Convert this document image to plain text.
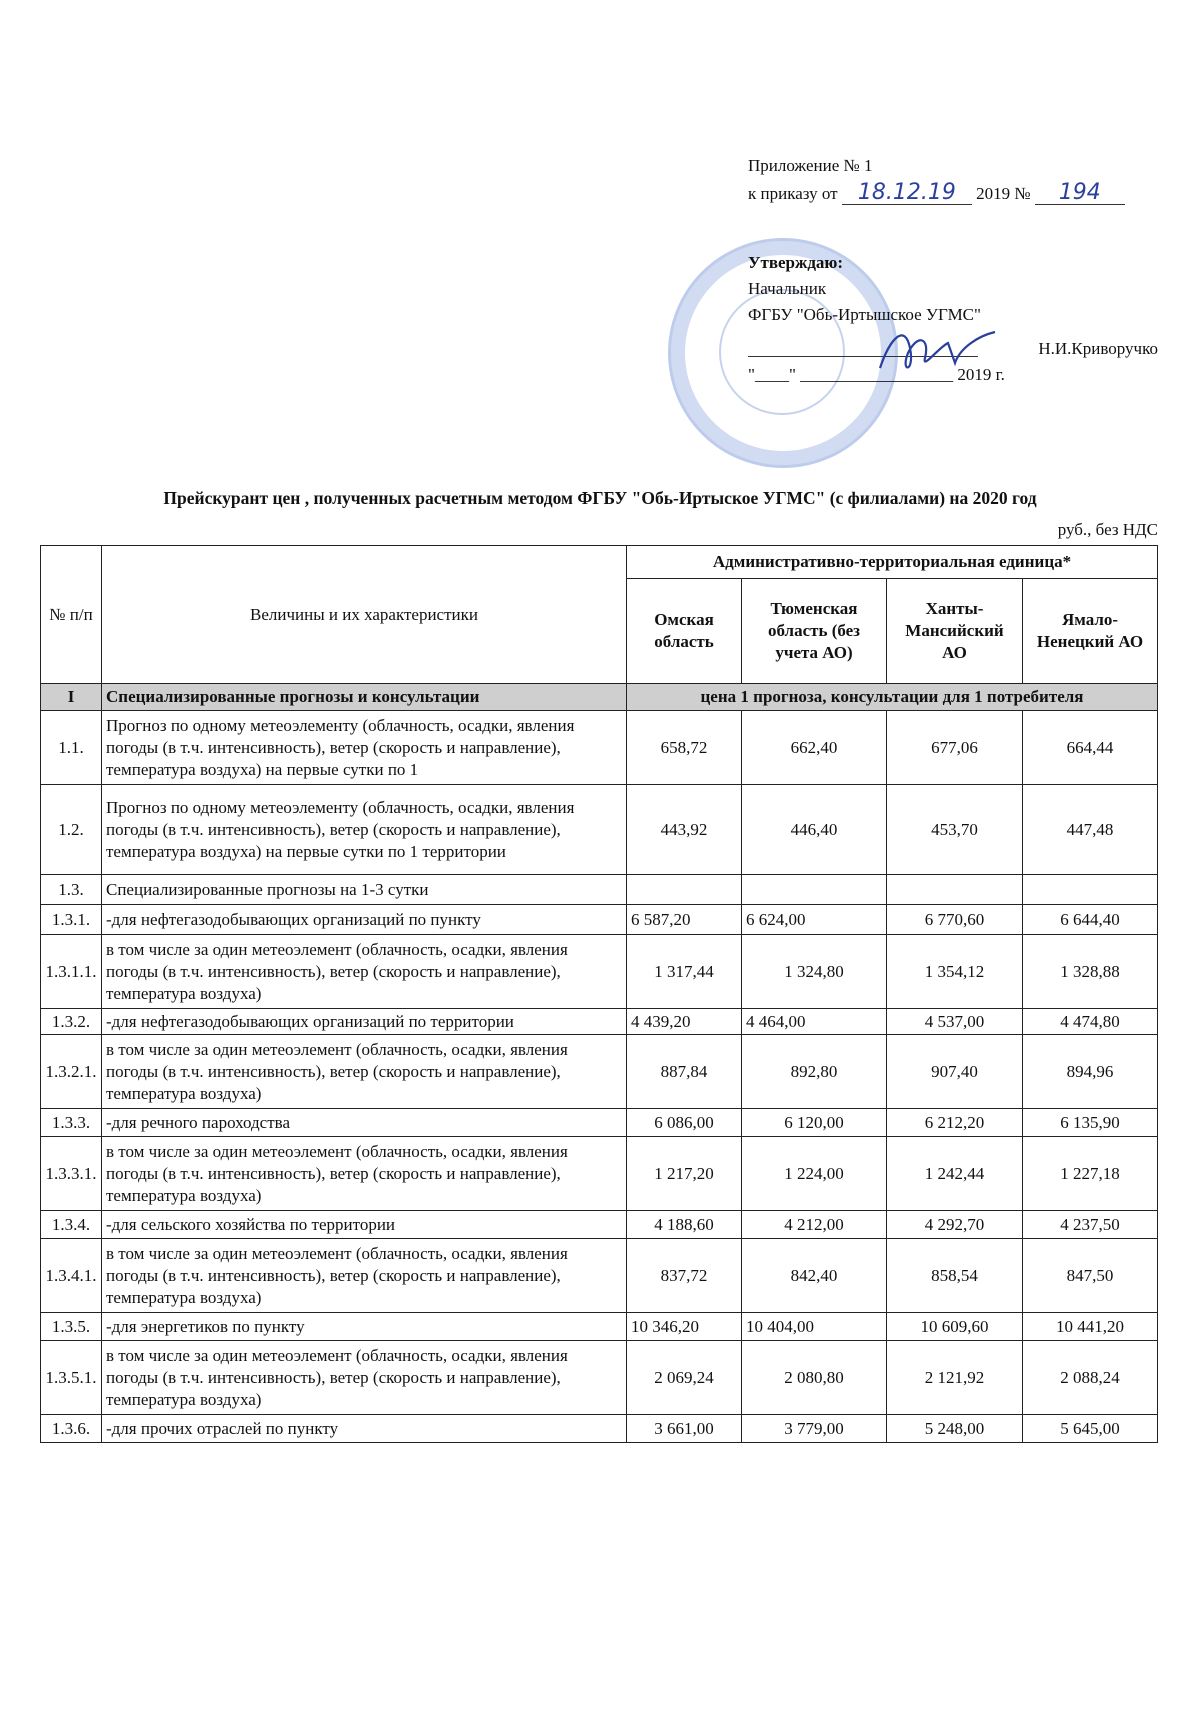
Приложение № 1
к приказу от 18.12.19 2019 № 194
Утверждаю:
Начальник
ФГБУ "Обь-Иртышское УГМС"
Н.И.Криворучко
"____" __________________ 2019 г.
Прейскурант цен , полученных расчетным методом ФГБУ "Обь-Иртыское УГМС" (с филиалами) на 2020 год
руб., без НДС
№ п/п	Величины и их характеристики	Административно-территориальная единица*			
		Омская область	Тюменская область (без учета АО)	Ханты-Мансийский АО	Ямало-Ненецкий АО
I	Специализированные прогнозы и консультации	цена 1 прогноза, консультации для 1 потребителя			
1.1.	Прогноз по одному метеоэлементу (облачность, осадки, явления погоды (в т.ч. интенсивность), ветер (скорость и направление), температура воздуха) на первые сутки по 1	658,72	662,40	677,06	664,44
1.2.	Прогноз по одному метеоэлементу (облачность, осадки, явления погоды (в т.ч. интенсивность), ветер (скорость и направление), температура воздуха) на первые сутки по 1 территории	443,92	446,40	453,70	447,48
1.3.	Специализированные прогнозы на 1-3 сутки				
1.3.1.	-для нефтегазодобывающих организаций по пункту	6 587,20	6 624,00	6 770,60	6 644,40
1.3.1.1.	в том числе за один метеоэлемент (облачность, осадки, явления погоды (в т.ч. интенсивность), ветер (скорость и направление), температура воздуха)	1 317,44	1 324,80	1 354,12	1 328,88
1.3.2.	-для нефтегазодобывающих организаций по территории	4 439,20	4 464,00	4 537,00	4 474,80
1.3.2.1.	в том числе за один метеоэлемент (облачность, осадки, явления погоды (в т.ч. интенсивность), ветер (скорость и направление), температура воздуха)	887,84	892,80	907,40	894,96
1.3.3.	-для речного пароходства	6 086,00	6 120,00	6 212,20	6 135,90
1.3.3.1.	в том числе за один метеоэлемент (облачность, осадки, явления погоды (в т.ч. интенсивность), ветер (скорость и направление), температура воздуха)	1 217,20	1 224,00	1 242,44	1 227,18
1.3.4.	-для сельского хозяйства по территории	4 188,60	4 212,00	4 292,70	4 237,50
1.3.4.1.	в том числе за один метеоэлемент (облачность, осадки, явления погоды (в т.ч. интенсивность), ветер (скорость и направление), температура воздуха)	837,72	842,40	858,54	847,50
1.3.5.	-для энергетиков по пункту	10 346,20	10 404,00	10 609,60	10 441,20
1.3.5.1.	в том числе за один метеоэлемент (облачность, осадки, явления погоды (в т.ч. интенсивность), ветер (скорость и направление), температура воздуха)	2 069,24	2 080,80	2 121,92	2 088,24
1.3.6.	-для прочих отраслей по пункту	3 661,00	3 779,00	5 248,00	5 645,00
